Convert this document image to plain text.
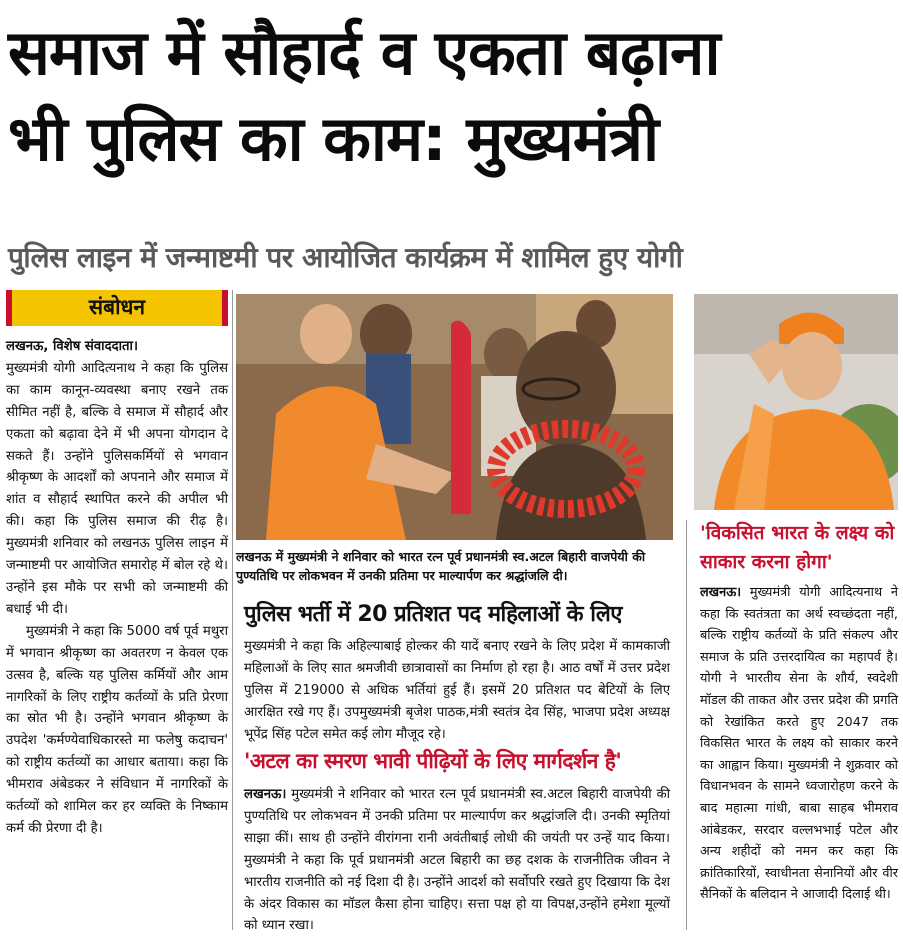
समाज में सौहार्द व एकता बढ़ाना
भी पुलिस का काम: मुख्यमंत्री
पुलिस लाइन में जन्माष्टमी पर आयोजित कार्यक्रम में शामिल हुए योगी
संबोधन

लखनऊ, विशेष संवाददाता।

मुख्यमंत्री योगी आदित्यनाथ ने कहा कि पुलिस का काम कानून-व्यवस्था बनाए रखने तक सीमित नहीं है, बल्कि वे समाज में सौहार्द और एकता को बढ़ावा देने में भी अपना योगदान दे सकते हैं। उन्होंने पुलिसकर्मियों से भगवान श्रीकृष्ण के आदर्शों को अपनाने और समाज में शांत व सौहार्द स्थापित करने की अपील भी की। कहा कि पुलिस समाज की रीढ़ है। मुख्यमंत्री शनिवार को लखनऊ पुलिस लाइन में जन्माष्टमी पर आयोजित समारोह में बोल रहे थे। उन्होंने इस मौके पर सभी को जन्माष्टमी की बधाई भी दी।

मुख्यमंत्री ने कहा कि 5000 वर्ष पूर्व मथुरा में भगवान श्रीकृष्ण का अवतरण न केवल एक उत्सव है, बल्कि यह पुलिस कर्मियों और आम नागरिकों के लिए राष्ट्रीय कर्तव्यों के प्रति प्रेरणा का स्रोत भी है। उन्होंने भगवान श्रीकृष्ण के उपदेश 'कर्मण्येवाधिकारस्ते मा फलेषु कदाचन' को राष्ट्रीय कर्तव्यों का आधार बताया। कहा कि भीमराव अंबेडकर ने संविधान में नागरिकों के कर्तव्यों को शामिल कर हर व्यक्ति के निष्काम कर्म की प्रेरणा दी है।

लखनऊ में मुख्यमंत्री ने शनिवार को भारत रत्न पूर्व प्रधानमंत्री स्व.अटल बिहारी वाजपेयी की पुण्यतिथि पर लोकभवन में उनकी प्रतिमा पर माल्यार्पण कर श्रद्धांजलि दी।
पुलिस भर्ती में 20 प्रतिशत पद महिलाओं के लिए

मुख्यमंत्री ने कहा कि अहिल्याबाई होल्कर की यादें बनाए रखने के लिए प्रदेश में कामकाजी महिलाओं के लिए सात श्रमजीवी छात्रावासों का निर्माण हो रहा है। आठ वर्षों में उत्तर प्रदेश पुलिस में 219000 से अधिक भर्तियां हुई हैं। इसमें 20 प्रतिशत पद बेटियों के लिए आरक्षित रखे गए हैं। उपमुख्यमंत्री बृजेश पाठक,मंत्री स्वतंत्र देव सिंह, भाजपा प्रदेश अध्यक्ष भूपेंद्र सिंह पटेल समेत कई लोग मौजूद रहे।

'अटल का स्मरण भावी पीढ़ियों के लिए मार्गदर्शन है'

लखनऊ। मुख्यमंत्री ने शनिवार को भारत रत्न पूर्व प्रधानमंत्री स्व.अटल बिहारी वाजपेयी की पुण्यतिथि पर लोकभवन में उनकी प्रतिमा पर माल्यार्पण कर श्रद्धांजलि दी। उनकी स्मृतियां साझा कीं। साथ ही उन्होंने वीरांगना रानी अवंतीबाई लोधी की जयंती पर उन्हें याद किया। मुख्यमंत्री ने कहा कि पूर्व प्रधानमंत्री अटल बिहारी का छह दशक के राजनीतिक जीवन ने भारतीय राजनीति को नई दिशा दी है। उन्होंने आदर्श को सर्वोपरि रखते हुए दिखाया कि देश के अंदर विकास का मॉडल कैसा होना चाहिए। सत्ता पक्ष हो या विपक्ष,उन्होंने हमेशा मूल्यों को ध्यान रखा।

'विकसित भारत के लक्ष्य को साकार करना होगा'

लखनऊ। मुख्यमंत्री योगी आदित्यनाथ ने कहा कि स्वतंत्रता का अर्थ स्वच्छंदता नहीं, बल्कि राष्ट्रीय कर्तव्यों के प्रति संकल्प और समाज के प्रति उत्तरदायित्व का महापर्व है। योगी ने भारतीय सेना के शौर्य, स्वदेशी मॉडल की ताकत और उत्तर प्रदेश की प्रगति को रेखांकित करते हुए 2047 तक विकसित भारत के लक्ष्य को साकार करने का आह्वान किया। मुख्यमंत्री ने शुक्रवार को विधानभवन के सामने ध्वजारोहण करने के बाद महात्मा गांधी, बाबा साहब भीमराव आंबेडकर, सरदार वल्लभभाई पटेल और अन्य शहीदों को नमन कर कहा कि क्रांतिकारियों, स्वाधीनता सेनानियों और वीर सैनिकों के बलिदान ने आजादी दिलाई थी।
